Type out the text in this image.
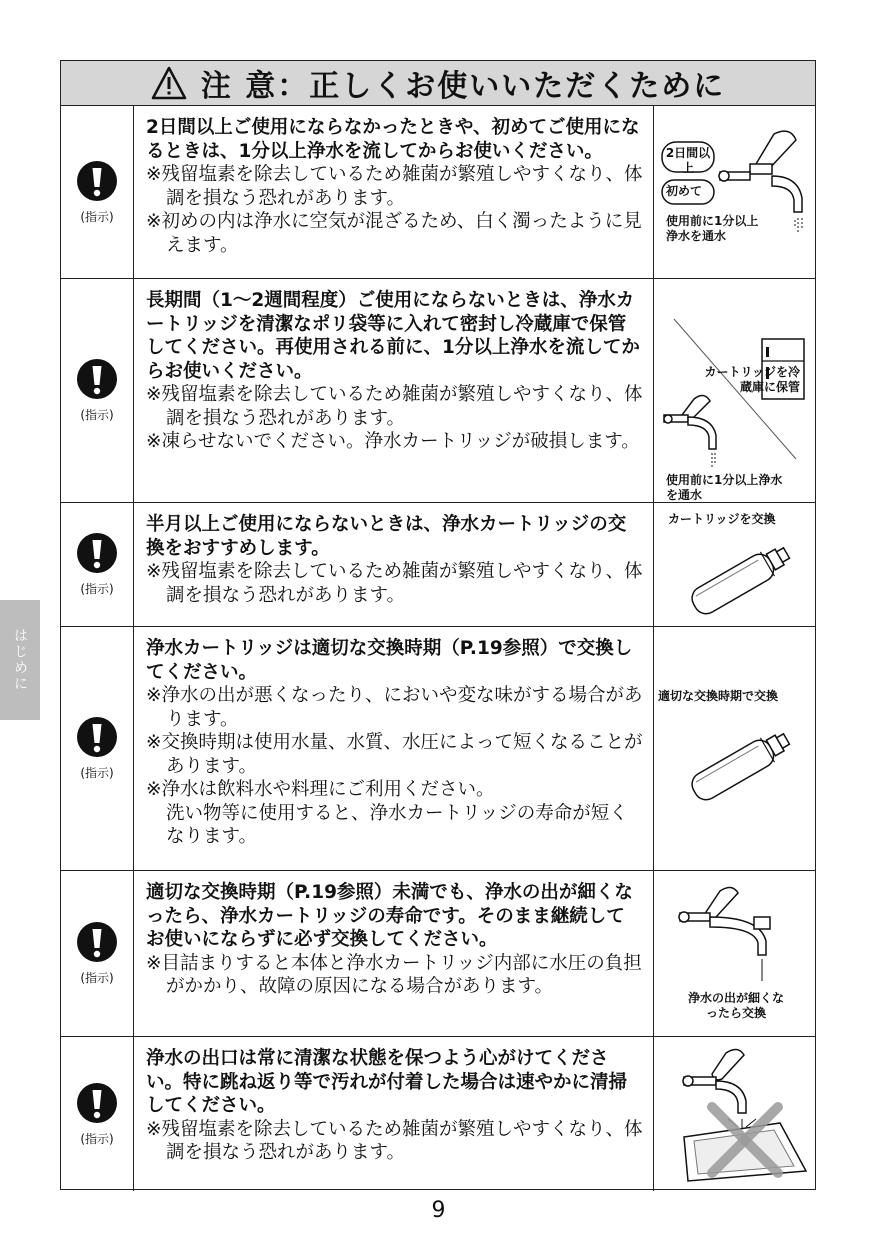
はじめに
注 意：正しくお使いいただくために
(指示)

2日間以上ご使用にならなかったときや、初めてご使用になるときは、1分以上浄水を流してからお使いください。

※残留塩素を除去しているため雑菌が繁殖しやすくなり、体調を損なう恐れがあります。

※初めの内は浄水に空気が混ざるため、白く濁ったように見えます。

2日間以上
初めて
使用前に1分以上浄水を通水
(指示)

長期間（1〜2週間程度）ご使用にならないときは、浄水カートリッジを清潔なポリ袋等に入れて密封し冷蔵庫で保管してください。再使用される前に、1分以上浄水を流してからお使いください。

※残留塩素を除去しているため雑菌が繁殖しやすくなり、体調を損なう恐れがあります。

※凍らせないでください。浄水カートリッジが破損します。

カートリッジを冷蔵庫に保管
使用前に1分以上浄水を通水
(指示)

半月以上ご使用にならないときは、浄水カートリッジの交換をおすすめします。

※残留塩素を除去しているため雑菌が繁殖しやすくなり、体調を損なう恐れがあります。

カートリッジを交換
(指示)

浄水カートリッジは適切な交換時期（P.19参照）で交換してください。

※浄水の出が悪くなったり、においや変な味がする場合があります。

※交換時期は使用水量、水質、水圧によって短くなることがあります。

※浄水は飲料水や料理にご利用ください。

洗い物等に使用すると、浄水カートリッジの寿命が短くなります。

適切な交換時期で交換
(指示)

適切な交換時期（P.19参照）未満でも、浄水の出が細くなったら、浄水カートリッジの寿命です。そのまま継続してお使いにならずに必ず交換してください。

※目詰まりすると本体と浄水カートリッジ内部に水圧の負担がかかり、故障の原因になる場合があります。

浄水の出が細くなったら交換
(指示)

浄水の出口は常に清潔な状態を保つよう心がけてください。特に跳ね返り等で汚れが付着した場合は速やかに清掃してください。

※残留塩素を除去しているため雑菌が繁殖しやすくなり、体調を損なう恐れがあります。

9
